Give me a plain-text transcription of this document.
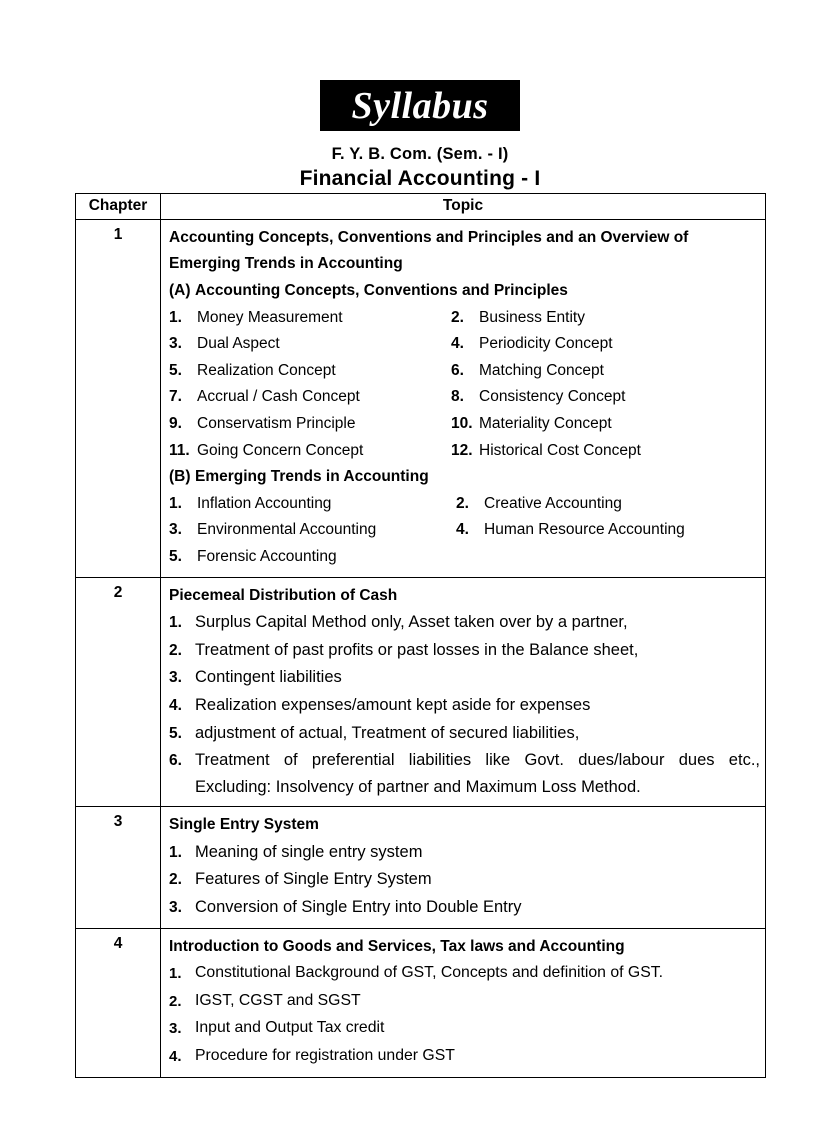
Syllabus
F. Y. B. Com. (Sem. - I)
Financial Accounting - I
Chapter	Topic
1	Accounting Concepts, Conventions and Principles and an Overview of Emerging Trends in Accounting
(A) Accounting Concepts, Conventions and Principles
1. Money Measurement	2. Business Entity
3. Dual Aspect	4. Periodicity Concept
5. Realization Concept	6. Matching Concept
7. Accrual / Cash Concept	8. Consistency Concept
9. Conservatism Principle	10. Materiality Concept
11. Going Concern Concept	12. Historical Cost Concept
(B) Emerging Trends in Accounting
1. Inflation Accounting	2. Creative Accounting
3. Environmental Accounting	4. Human Resource Accounting
5. Forensic Accounting

2	Piecemeal Distribution of Cash
1. Surplus Capital Method only, Asset taken over by a partner,
2. Treatment of past profits or past losses in the Balance sheet,
3. Contingent liabilities
4. Realization expenses/amount kept aside for expenses
5. adjustment of actual, Treatment of secured liabilities,
6. Treatment of preferential liabilities like Govt. dues/labour dues etc., Excluding: Insolvency of partner and Maximum Loss Method.

3	Single Entry System
1. Meaning of single entry system
2. Features of Single Entry System
3. Conversion of Single Entry into Double Entry

4	Introduction to Goods and Services, Tax laws and Accounting
1. Constitutional Background of GST, Concepts and definition of GST.
2. IGST, CGST and SGST
3. Input and Output Tax credit
4. Procedure for registration under GST
